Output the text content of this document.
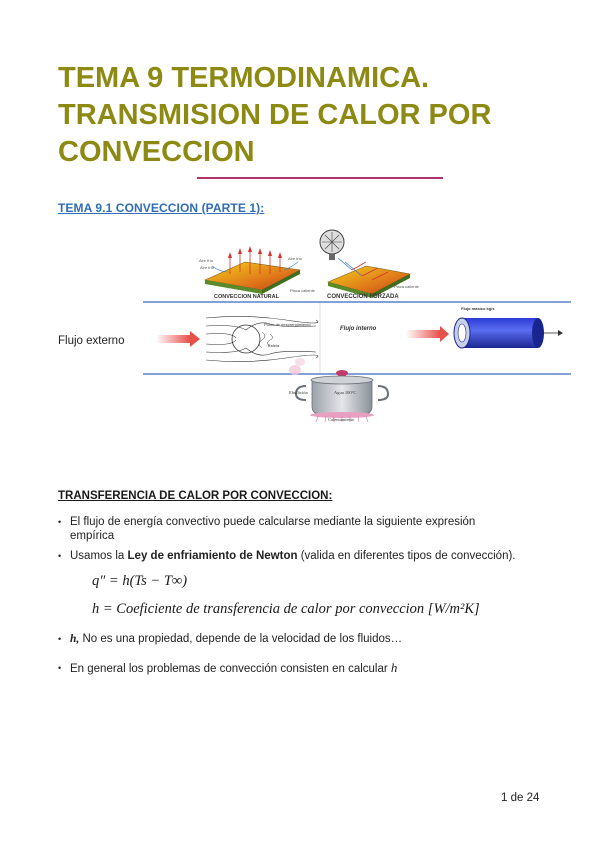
TEMA 9 TERMODINAMICA.
TRANSMISION DE CALOR POR
CONVECCION
TEMA 9.1 CONVECCION (PARTE 1):
CONVECCION NATURAL	CONVECCION FORZADA
Aire frío
Aire frío
Aire frío
Placa caliente
Placa caliente
Punto de desprendimiento
Estela
Flujo interno
Flujo másico kg/s
Agua 100°C
Ebullición
Calentamiento
Flujo externo
TRANSFERENCIA DE CALOR POR CONVECCION:
• El flujo de energía convectivo puede calcularse mediante la siguiente expresión
empírica
• Usamos la Ley de enfriamiento de Newton (valida en diferentes tipos de convección).
q″ = h(Ts − T∞)
h = Coeficiente de transferencia de calor por conveccion [W/m²K]
• h, No es una propiedad, depende de la velocidad de los fluidos…
• En general los problemas de convección consisten en calcular h
1 de 24
